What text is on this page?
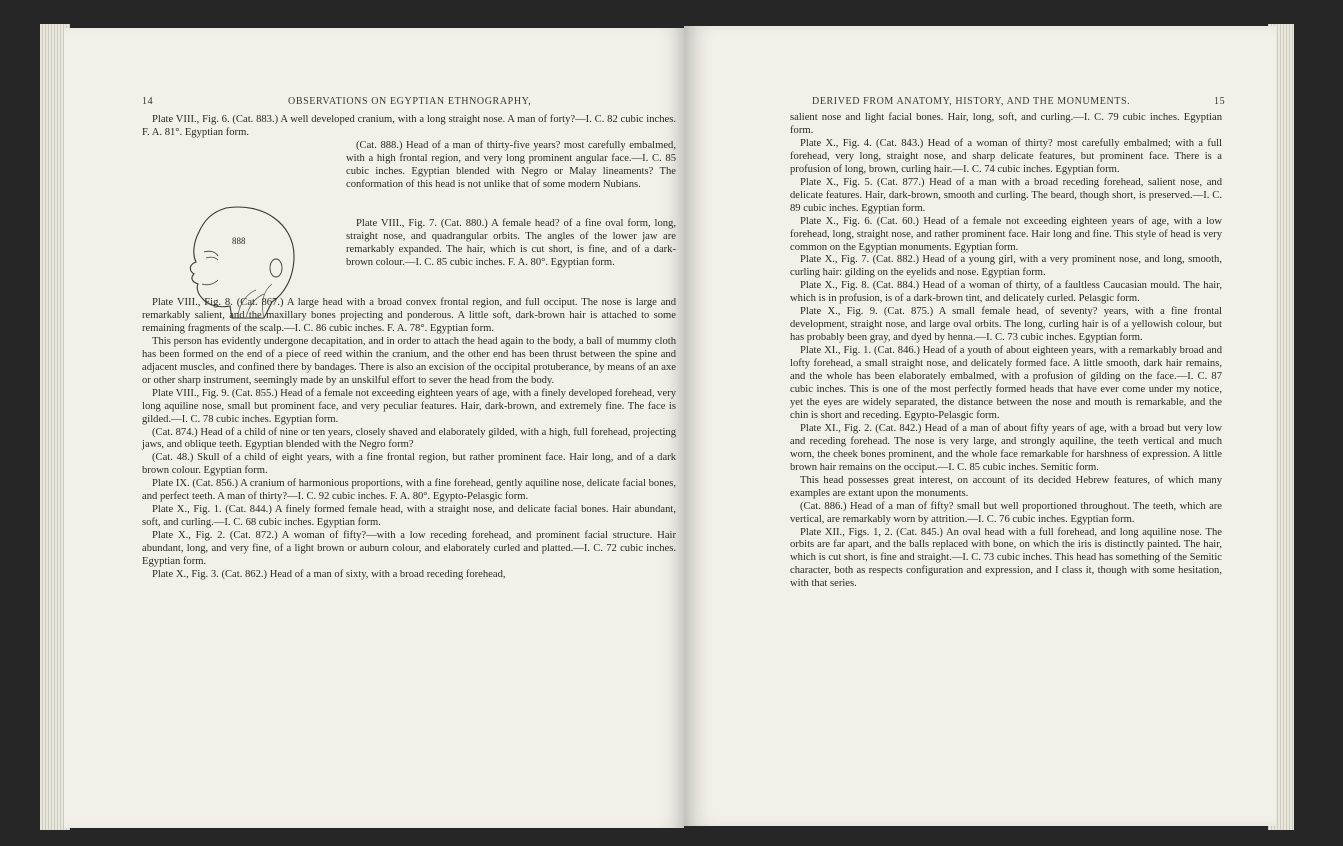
14	OBSERVATIONS ON EGYPTIAN ETHNOGRAPHY,
888

Plate VIII., Fig. 6. (Cat. 883.) A well developed cranium, with a long straight nose. A man of forty?—I. C. 82 cubic inches. F. A. 81°. Egyptian form.

(Cat. 888.) Head of a man of thirty-five years? most carefully embalmed, with a high frontal region, and very long prominent angular face.—I. C. 85 cubic inches. Egyptian blended with Negro or Malay lineaments? The conformation of this head is not unlike that of some modern Nubians.

Plate VIII., Fig. 7. (Cat. 880.) A female head? of a fine oval form, long, straight nose, and quadrangular orbits. The angles of the lower jaw are remarkably expanded. The hair, which is cut short, is fine, and of a dark-brown colour.—I. C. 85 cubic inches. F. A. 80°. Egyptian form.

Plate VIII., Fig. 8. (Cat. 867.) A large head with a broad convex frontal region, and full occiput. The nose is large and remarkably salient, and the maxillary bones projecting and ponderous. A little soft, dark-brown hair is attached to some remaining fragments of the scalp.—I. C. 86 cubic inches. F. A. 78°. Egyptian form.

This person has evidently undergone decapitation, and in order to attach the head again to the body, a ball of mummy cloth has been formed on the end of a piece of reed within the cranium, and the other end has been thrust between the spine and adjacent muscles, and confined there by bandages. There is also an excision of the occipital protuberance, by means of an axe or other sharp instrument, seemingly made by an unskilful effort to sever the head from the body.

Plate VIII., Fig. 9. (Cat. 855.) Head of a female not exceeding eighteen years of age, with a finely developed forehead, very long aquiline nose, small but prominent face, and very peculiar features. Hair, dark-brown, and extremely fine. The face is gilded.—I. C. 78 cubic inches. Egyptian form.

(Cat. 874.) Head of a child of nine or ten years, closely shaved and elaborately gilded, with a high, full forehead, projecting jaws, and oblique teeth. Egyptian blended with the Negro form?

(Cat. 48.) Skull of a child of eight years, with a fine frontal region, but rather prominent face. Hair long, and of a dark brown colour. Egyptian form.

Plate IX. (Cat. 856.) A cranium of harmonious proportions, with a fine forehead, gently aquiline nose, delicate facial bones, and perfect teeth. A man of thirty?—I. C. 92 cubic inches. F. A. 80°. Egypto-Pelasgic form.

Plate X., Fig. 1. (Cat. 844.) A finely formed female head, with a straight nose, and delicate facial bones. Hair abundant, soft, and curling.—I. C. 68 cubic inches. Egyptian form.

Plate X., Fig. 2. (Cat. 872.) A woman of fifty?—with a low receding forehead, and prominent facial structure. Hair abundant, long, and very fine, of a light brown or auburn colour, and elaborately curled and platted.—I. C. 72 cubic inches. Egyptian form.

Plate X., Fig. 3. (Cat. 862.) Head of a man of sixty, with a broad receding forehead,

DERIVED FROM ANATOMY, HISTORY, AND THE MONUMENTS.	15

salient nose and light facial bones. Hair, long, soft, and curling.—I. C. 79 cubic inches. Egyptian form.

Plate X., Fig. 4. (Cat. 843.) Head of a woman of thirty? most carefully embalmed; with a full forehead, very long, straight nose, and sharp delicate features, but prominent face. There is a profusion of long, brown, curling hair.—I. C. 74 cubic inches. Egyptian form.

Plate X., Fig. 5. (Cat. 877.) Head of a man with a broad receding forehead, salient nose, and delicate features. Hair, dark-brown, smooth and curling. The beard, though short, is preserved.—I. C. 89 cubic inches. Egyptian form.

Plate X., Fig. 6. (Cat. 60.) Head of a female not exceeding eighteen years of age, with a low forehead, long, straight nose, and rather prominent face. Hair long and fine. This style of head is very common on the Egyptian monuments. Egyptian form.

Plate X., Fig. 7. (Cat. 882.) Head of a young girl, with a very prominent nose, and long, smooth, curling hair: gilding on the eyelids and nose. Egyptian form.

Plate X., Fig. 8. (Cat. 884.) Head of a woman of thirty, of a faultless Caucasian mould. The hair, which is in profusion, is of a dark-brown tint, and delicately curled. Pelasgic form.

Plate X., Fig. 9. (Cat. 875.) A small female head, of seventy? years, with a fine frontal development, straight nose, and large oval orbits. The long, curling hair is of a yellowish colour, but has probably been gray, and dyed by henna.—I. C. 73 cubic inches. Egyptian form.

Plate XI., Fig. 1. (Cat. 846.) Head of a youth of about eighteen years, with a remarkably broad and lofty forehead, a small straight nose, and delicately formed face. A little smooth, dark hair remains, and the whole has been elaborately embalmed, with a profusion of gilding on the face.—I. C. 87 cubic inches. This is one of the most perfectly formed heads that have ever come under my notice, yet the eyes are widely separated, the distance between the nose and mouth is remarkable, and the chin is short and receding. Egypto-Pelasgic form.

Plate XI., Fig. 2. (Cat. 842.) Head of a man of about fifty years of age, with a broad but very low and receding forehead. The nose is very large, and strongly aquiline, the teeth vertical and much worn, the cheek bones prominent, and the whole face remarkable for harshness of expression. A little brown hair remains on the occiput.—I. C. 85 cubic inches. Semitic form.

This head possesses great interest, on account of its decided Hebrew features, of which many examples are extant upon the monuments.

(Cat. 886.) Head of a man of fifty? small but well proportioned throughout. The teeth, which are vertical, are remarkably worn by attrition.—I. C. 76 cubic inches. Egyptian form.

Plate XII., Figs. 1, 2. (Cat. 845.) An oval head with a full forehead, and long aquiline nose. The orbits are far apart, and the balls replaced with bone, on which the iris is distinctly painted. The hair, which is cut short, is fine and straight.—I. C. 73 cubic inches. This head has something of the Semitic character, both as respects configuration and expression, and I class it, though with some hesitation, with that series.
